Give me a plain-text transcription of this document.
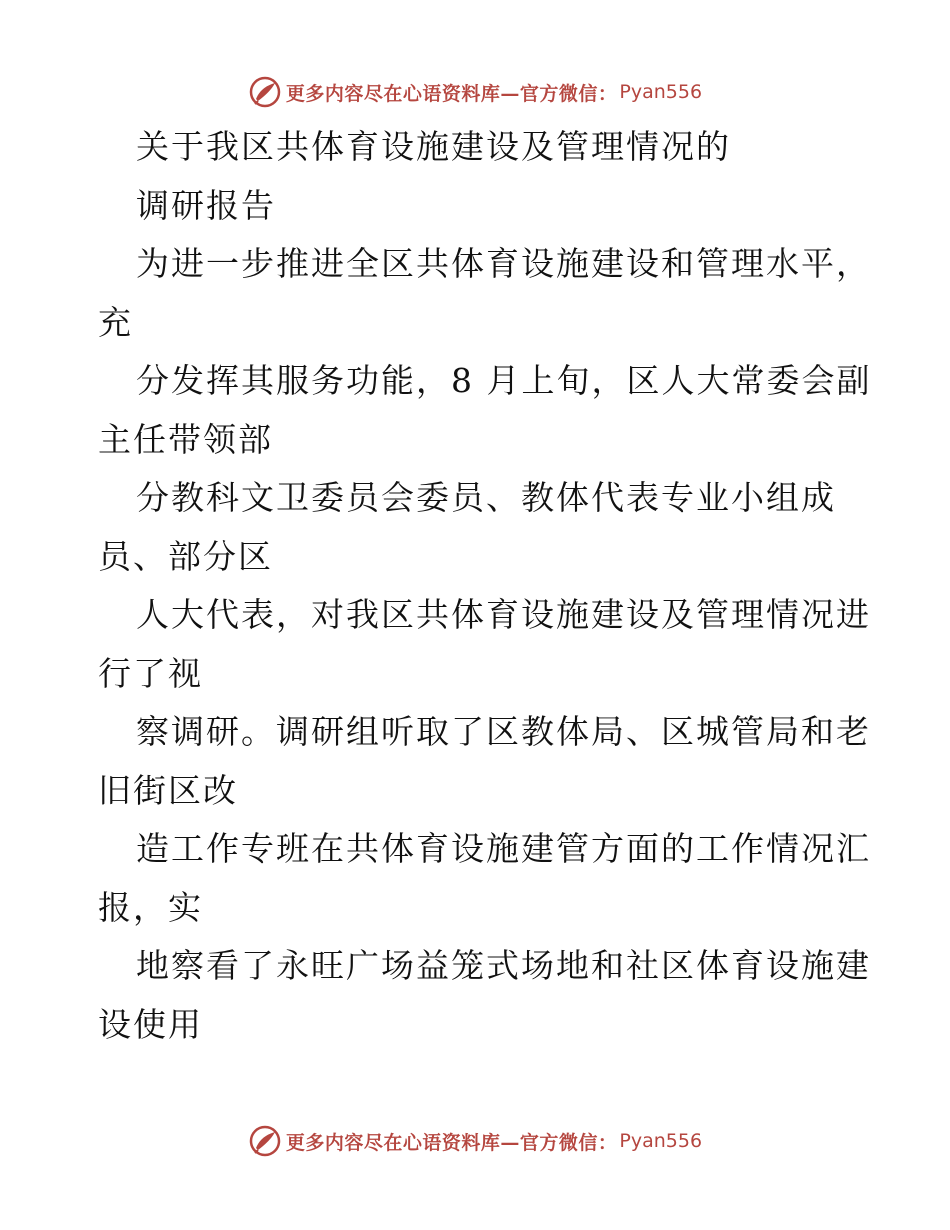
更多内容尽在心语资料库—官方微信： Pyan556
关于我区共体育设施建设及管理情况的
调研报告
为进一步推进全区共体育设施建设和管理水平，
充
分发挥其服务功能，8 月上旬，区人大常委会副
主任带领部
分教科文卫委员会委员、教体代表专业小组成
员、部分区
人大代表，对我区共体育设施建设及管理情况进
行了视
察调研。调研组听取了区教体局、区城管局和老
旧街区改
造工作专班在共体育设施建管方面的工作情况汇
报，实
地察看了永旺广场益笼式场地和社区体育设施建
设使用
更多内容尽在心语资料库—官方微信： Pyan556
